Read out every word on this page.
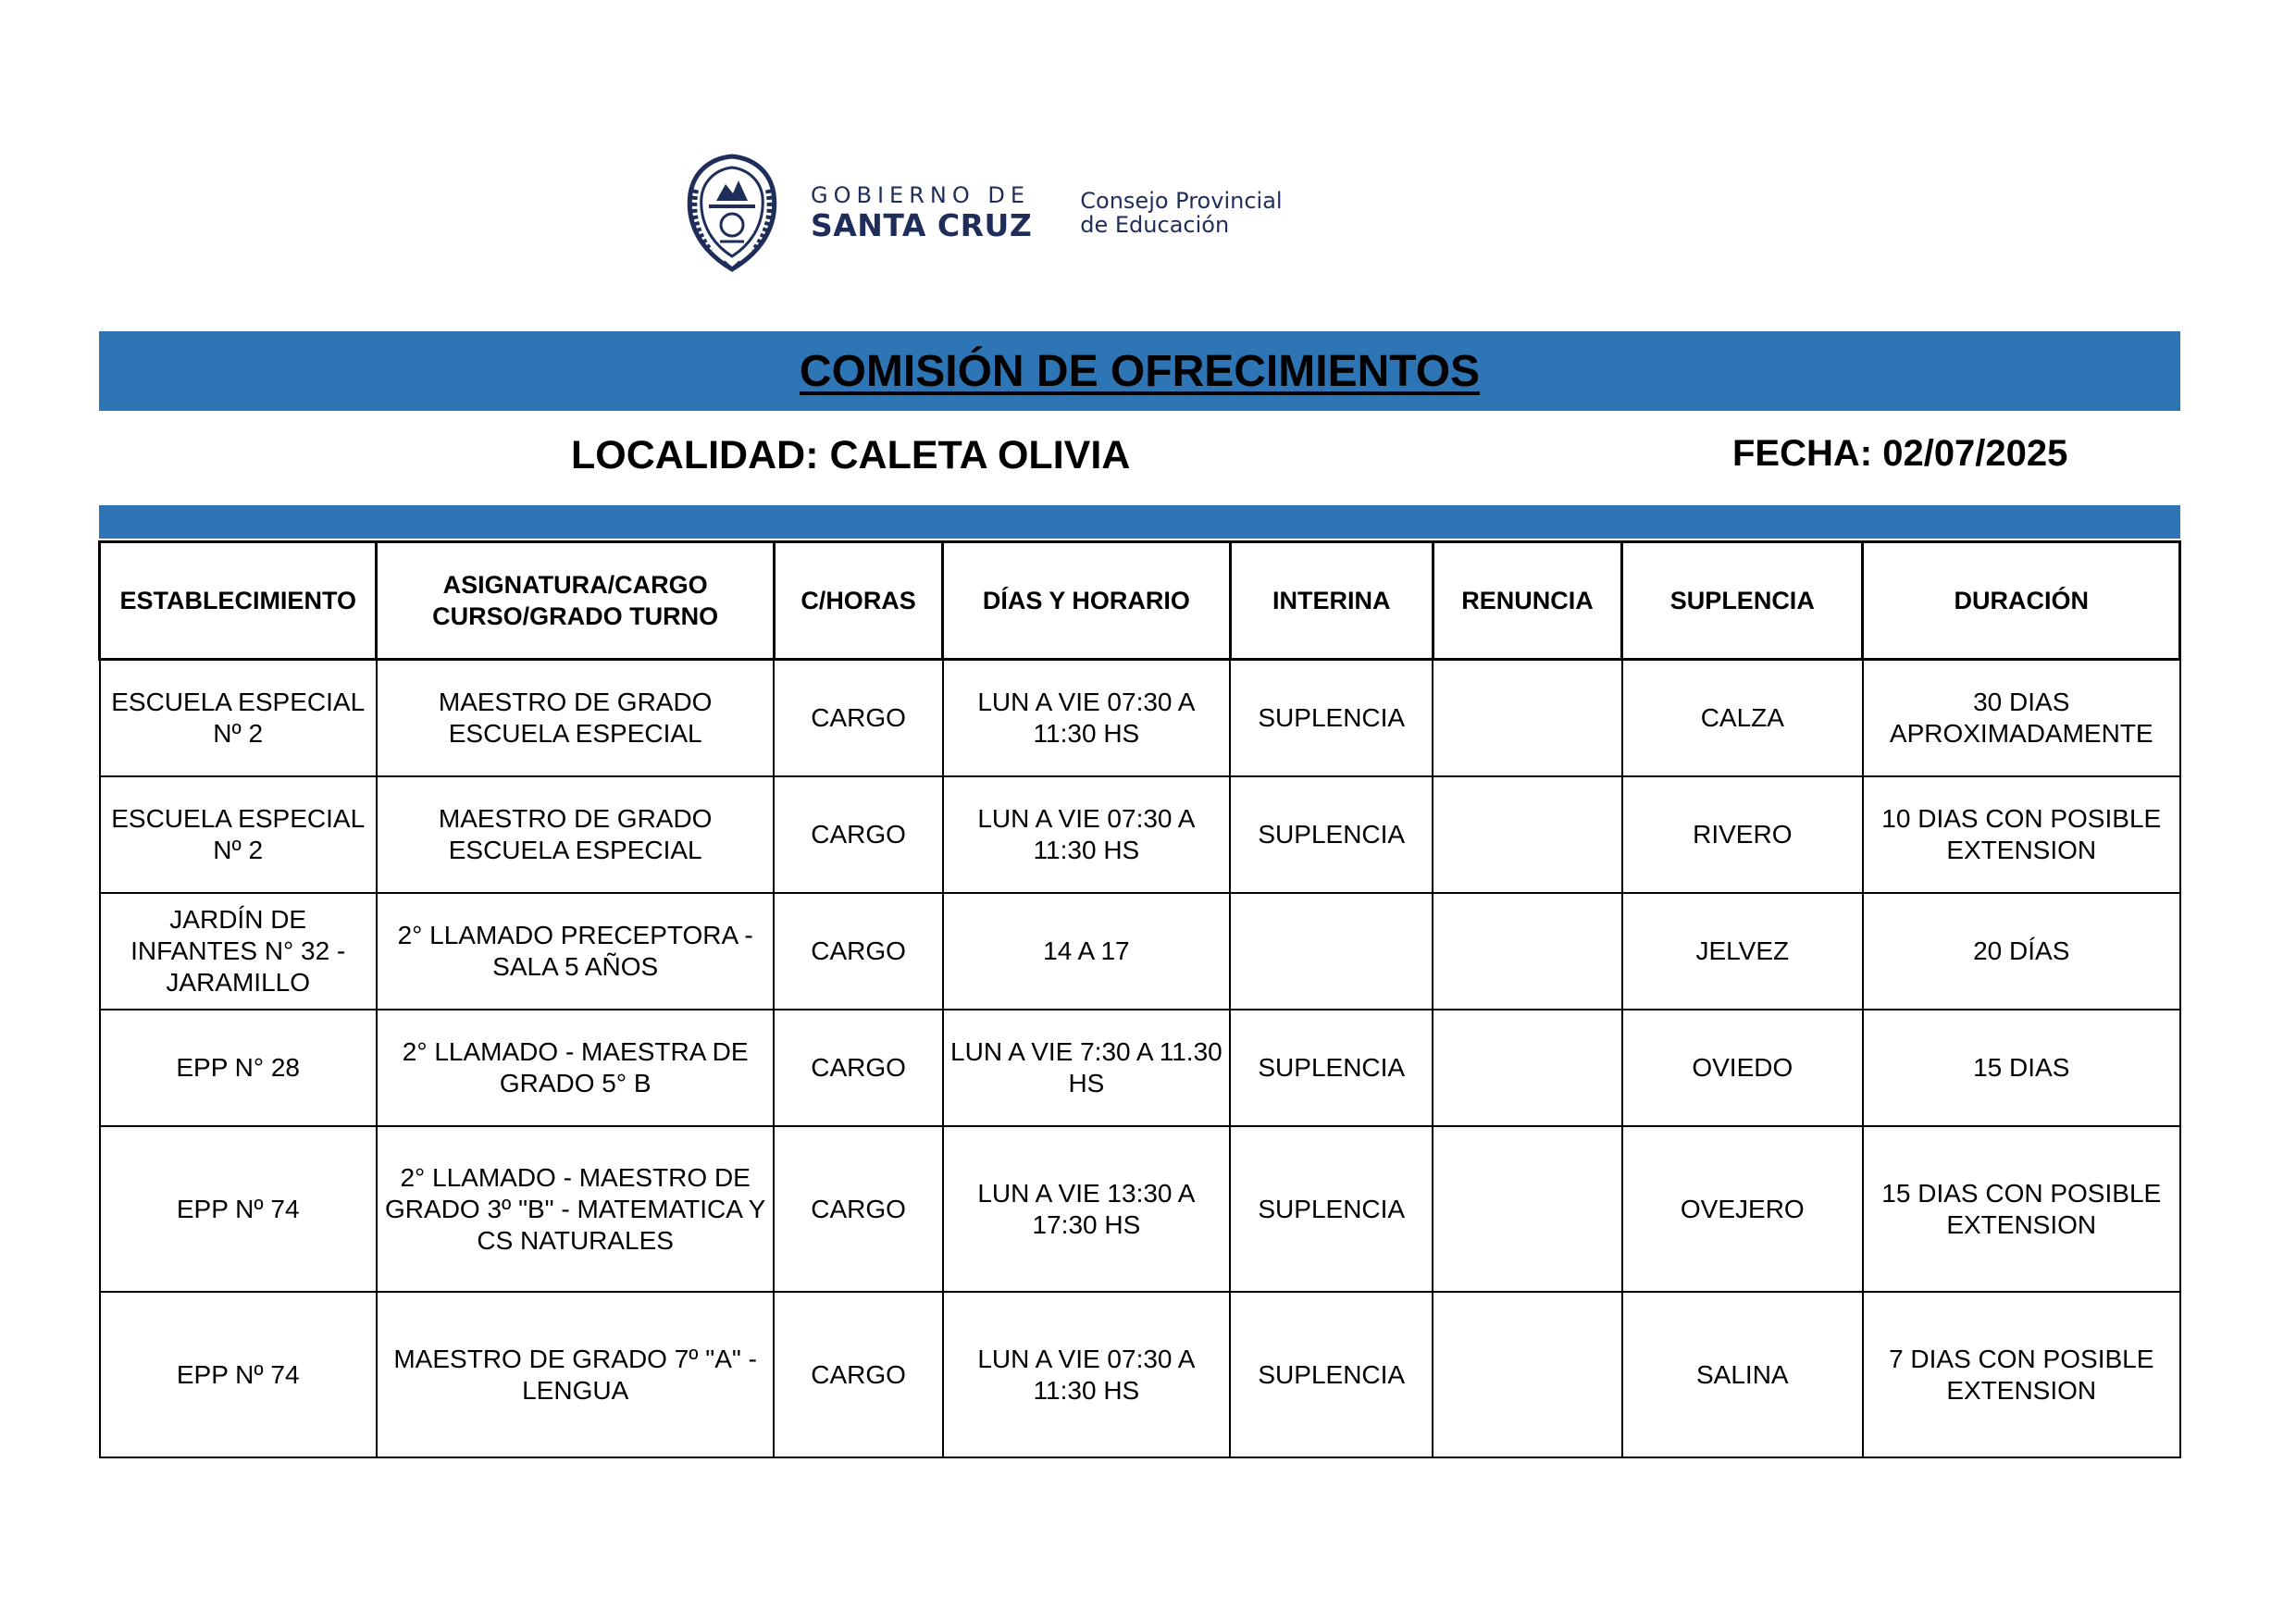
GOBIERNO DE
SANTA CRUZ
Consejo Provincial
de Educación
COMISIÓN DE OFRECIMIENTOS
LOCALIDAD: CALETA OLIVIA	FECHA: 02/07/2025
ESTABLECIMIENTO	ASIGNATURA/CARGO CURSO/GRADO TURNO	C/HORAS	DÍAS Y HORARIO	INTERINA	RENUNCIA	SUPLENCIA	DURACIÓN
ESCUELA ESPECIAL Nº 2	MAESTRO DE GRADO ESCUELA ESPECIAL	CARGO	LUN A VIE 07:30 A 11:30 HS	SUPLENCIA		CALZA	30 DIAS APROXIMADAMENTE
ESCUELA ESPECIAL Nº 2	MAESTRO DE GRADO ESCUELA ESPECIAL	CARGO	LUN A VIE 07:30 A 11:30 HS	SUPLENCIA		RIVERO	10 DIAS CON POSIBLE EXTENSION
JARDÍN DE INFANTES N° 32 - JARAMILLO	2° LLAMADO PRECEPTORA - SALA 5 AÑOS	CARGO	14 A 17			JELVEZ	20 DÍAS
EPP N° 28	2° LLAMADO - MAESTRA DE GRADO 5° B	CARGO	LUN A VIE 7:30 A 11.30 HS	SUPLENCIA		OVIEDO	15 DIAS
EPP Nº 74	2° LLAMADO - MAESTRO DE GRADO 3º "B" - MATEMATICA Y CS NATURALES	CARGO	LUN A VIE 13:30 A 17:30 HS	SUPLENCIA		OVEJERO	15 DIAS CON POSIBLE EXTENSION
EPP Nº 74	MAESTRO DE GRADO 7º "A" - LENGUA	CARGO	LUN A VIE 07:30 A 11:30 HS	SUPLENCIA		SALINA	7 DIAS CON POSIBLE EXTENSION
